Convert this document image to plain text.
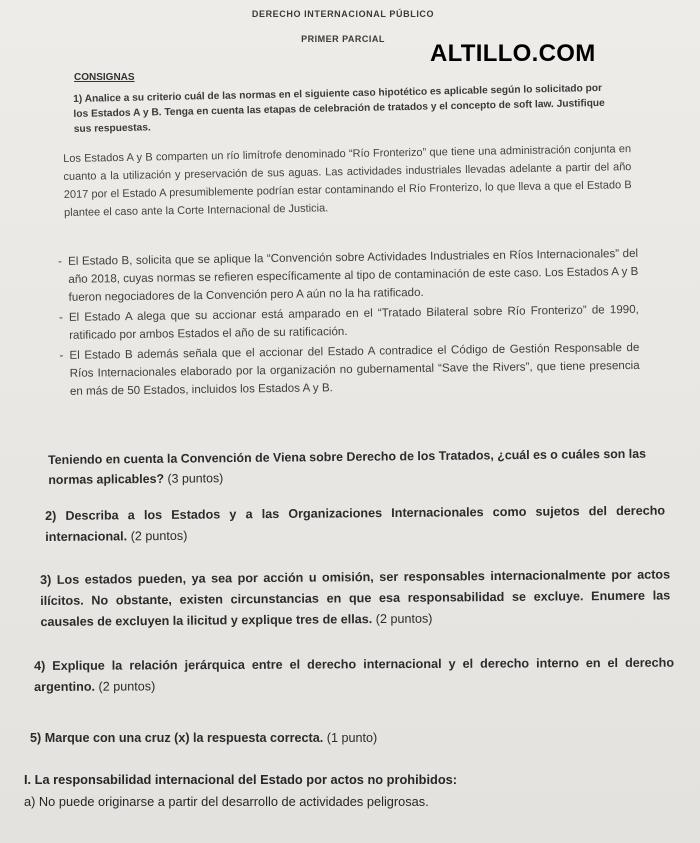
DERECHO INTERNACIONAL PÚBLICO
PRIMER PARCIAL
ALTILLO.COM
CONSIGNAS
1) Analice a su criterio cuál de las normas en el siguiente caso hipotético es aplicable según lo solicitado por los Estados A y B. Tenga en cuenta las etapas de celebración de tratados y el concepto de soft law. Justifique sus respuestas.
Los Estados A y B comparten un río limítrofe denominado “Río Fronterizo” que tiene una administración conjunta en cuanto a la utilización y preservación de sus aguas. Las actividades industriales llevadas adelante a partir del año 2017 por el Estado A presumiblemente podrían estar contaminando el Río Fronterizo, lo que lleva a que el Estado B plantee el caso ante la Corte Internacional de Justicia.
- El Estado B, solicita que se aplique la “Convención sobre Actividades Industriales en Ríos Internacionales” del año 2018, cuyas normas se refieren específicamente al tipo de contaminación de este caso. Los Estados A y B fueron negociadores de la Convención pero A aún no la ha ratificado.
- El Estado A alega que su accionar está amparado en el “Tratado Bilateral sobre Río Fronterizo” de 1990, ratificado por ambos Estados el año de su ratificación.
- El Estado B además señala que el accionar del Estado A contradice el Código de Gestión Responsable de Ríos Internacionales elaborado por la organización no gubernamental “Save the Rivers”, que tiene presencia en más de 50 Estados, incluidos los Estados A y B.
Teniendo en cuenta la Convención de Viena sobre Derecho de los Tratados, ¿cuál es o cuáles son las normas aplicables? (3 puntos)
2) Describa a los Estados y a las Organizaciones Internacionales como sujetos del derecho internacional. (2 puntos)
3) Los estados pueden, ya sea por acción u omisión, ser responsables internacionalmente por actos ilícitos. No obstante, existen circunstancias en que esa responsabilidad se excluye. Enumere las causales de excluyen la ilicitud y explique tres de ellas. (2 puntos)
4) Explique la relación jerárquica entre el derecho internacional y el derecho interno en el derecho argentino. (2 puntos)
5) Marque con una cruz (x) la respuesta correcta. (1 punto)
I. La responsabilidad internacional del Estado por actos no prohibidos:
a) No puede originarse a partir del desarrollo de actividades peligrosas.
